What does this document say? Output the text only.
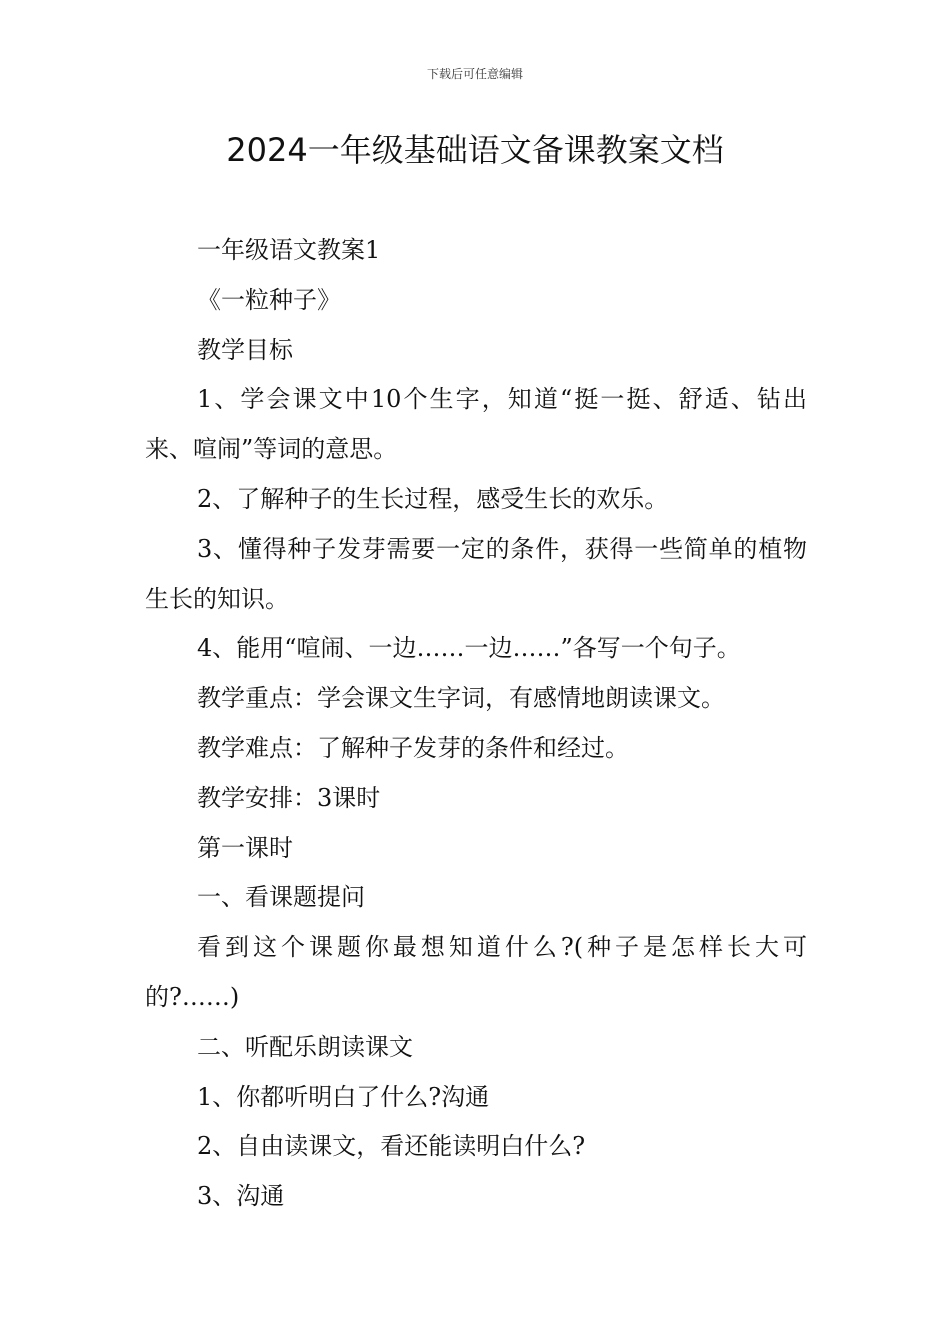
下载后可任意编辑
2024一年级基础语文备课教案文档

一年级语文教案1

《一粒种子》

教学目标

1、学会课文中10个生字，知道“挺一挺、舒适、钻出来、喧闹”等词的意思。

2、了解种子的生长过程，感受生长的欢乐。

3、懂得种子发芽需要一定的条件，获得一些简单的植物生长的知识。

4、能用“喧闹、一边……一边……”各写一个句子。

教学重点：学会课文生字词，有感情地朗读课文。

教学难点：了解种子发芽的条件和经过。

教学安排：3课时

第一课时

一、看课题提问

看到这个课题你最想知道什么?(种子是怎样长大可的?……)

二、听配乐朗读课文

1、你都听明白了什么?沟通

2、自由读课文，看还能读明白什么?

3、沟通
